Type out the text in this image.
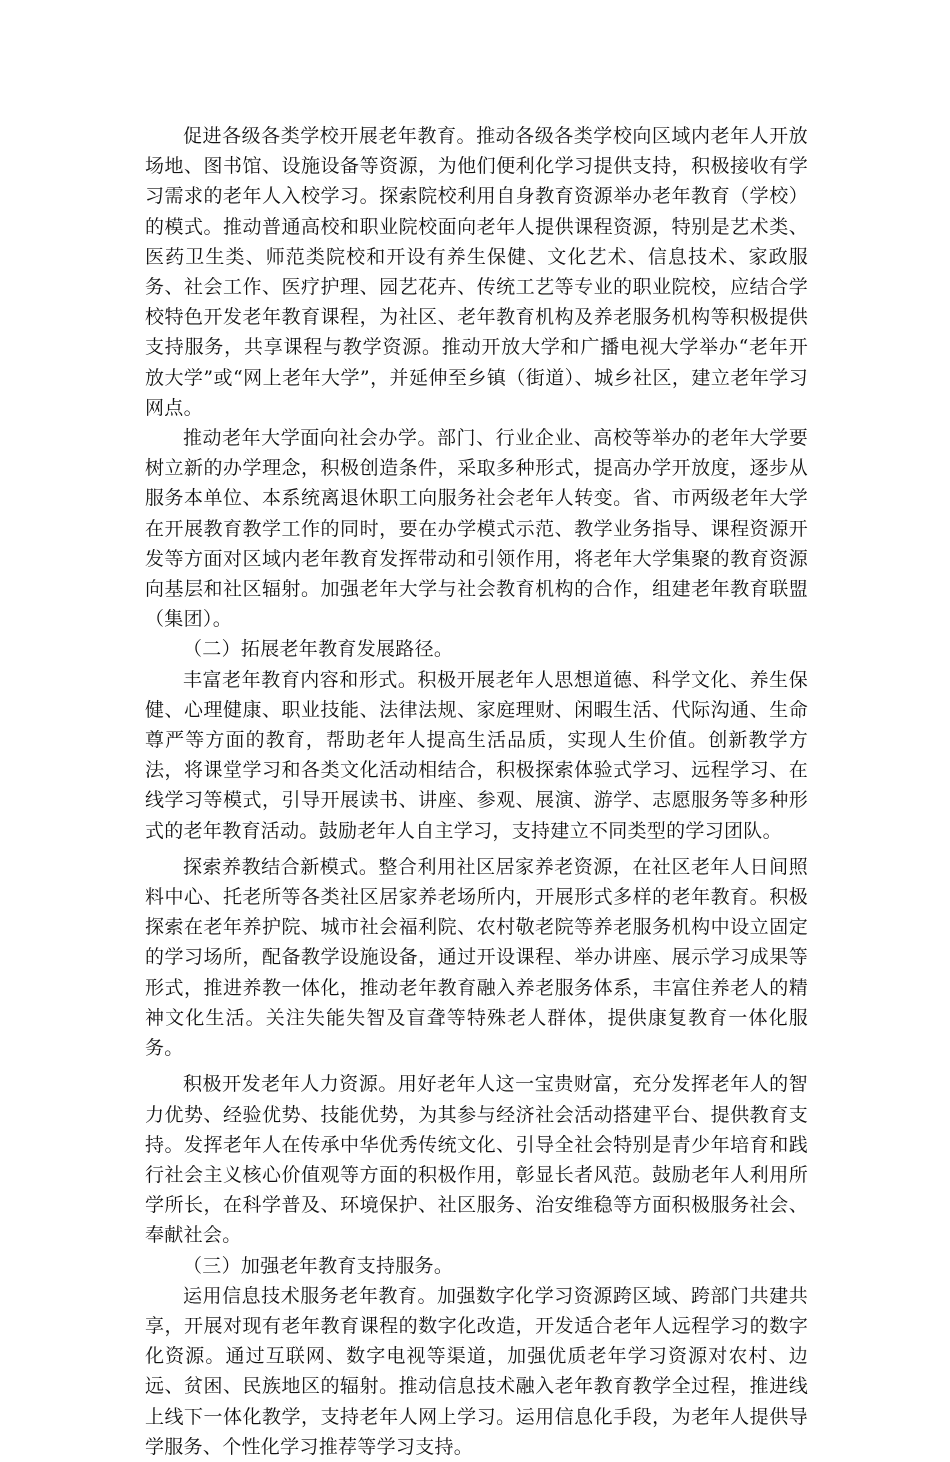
促进各级各类学校开展老年教育。推动各级各类学校向区域内老年人开放场地、图书馆、设施设备等资源，为他们便利化学习提供支持，积极接收有学习需求的老年人入校学习。探索院校利用自身教育资源举办老年教育（学校）的模式。推动普通高校和职业院校面向老年人提供课程资源，特别是艺术类、医药卫生类、师范类院校和开设有养生保健、文化艺术、信息技术、家政服务、社会工作、医疗护理、园艺花卉、传统工艺等专业的职业院校，应结合学校特色开发老年教育课程，为社区、老年教育机构及养老服务机构等积极提供支持服务，共享课程与教学资源。推动开放大学和广播电视大学举办“老年开放大学”或“网上老年大学”，并延伸至乡镇（街道）、城乡社区，建立老年学习网点。

推动老年大学面向社会办学。部门、行业企业、高校等举办的老年大学要树立新的办学理念，积极创造条件，采取多种形式，提高办学开放度，逐步从服务本单位、本系统离退休职工向服务社会老年人转变。省、市两级老年大学在开展教育教学工作的同时，要在办学模式示范、教学业务指导、课程资源开发等方面对区域内老年教育发挥带动和引领作用，将老年大学集聚的教育资源向基层和社区辐射。加强老年大学与社会教育机构的合作，组建老年教育联盟（集团）。

（二）拓展老年教育发展路径。

丰富老年教育内容和形式。积极开展老年人思想道德、科学文化、养生保健、心理健康、职业技能、法律法规、家庭理财、闲暇生活、代际沟通、生命尊严等方面的教育，帮助老年人提高生活品质，实现人生价值。创新教学方法，将课堂学习和各类文化活动相结合，积极探索体验式学习、远程学习、在线学习等模式，引导开展读书、讲座、参观、展演、游学、志愿服务等多种形式的老年教育活动。鼓励老年人自主学习，支持建立不同类型的学习团队。

探索养教结合新模式。整合利用社区居家养老资源，在社区老年人日间照料中心、托老所等各类社区居家养老场所内，开展形式多样的老年教育。积极探索在老年养护院、城市社会福利院、农村敬老院等养老服务机构中设立固定的学习场所，配备教学设施设备，通过开设课程、举办讲座、展示学习成果等形式，推进养教一体化，推动老年教育融入养老服务体系，丰富住养老人的精神文化生活。关注失能失智及盲聋等特殊老人群体，提供康复教育一体化服务。

积极开发老年人力资源。用好老年人这一宝贵财富，充分发挥老年人的智力优势、经验优势、技能优势，为其参与经济社会活动搭建平台、提供教育支持。发挥老年人在传承中华优秀传统文化、引导全社会特别是青少年培育和践行社会主义核心价值观等方面的积极作用，彰显长者风范。鼓励老年人利用所学所长，在科学普及、环境保护、社区服务、治安维稳等方面积极服务社会、奉献社会。

（三）加强老年教育支持服务。

运用信息技术服务老年教育。加强数字化学习资源跨区域、跨部门共建共享，开展对现有老年教育课程的数字化改造，开发适合老年人远程学习的数字化资源。通过互联网、数字电视等渠道，加强优质老年学习资源对农村、边远、贫困、民族地区的辐射。推动信息技术融入老年教育教学全过程，推进线上线下一体化教学，支持老年人网上学习。运用信息化手段，为老年人提供导学服务、个性化学习推荐等学习支持。
